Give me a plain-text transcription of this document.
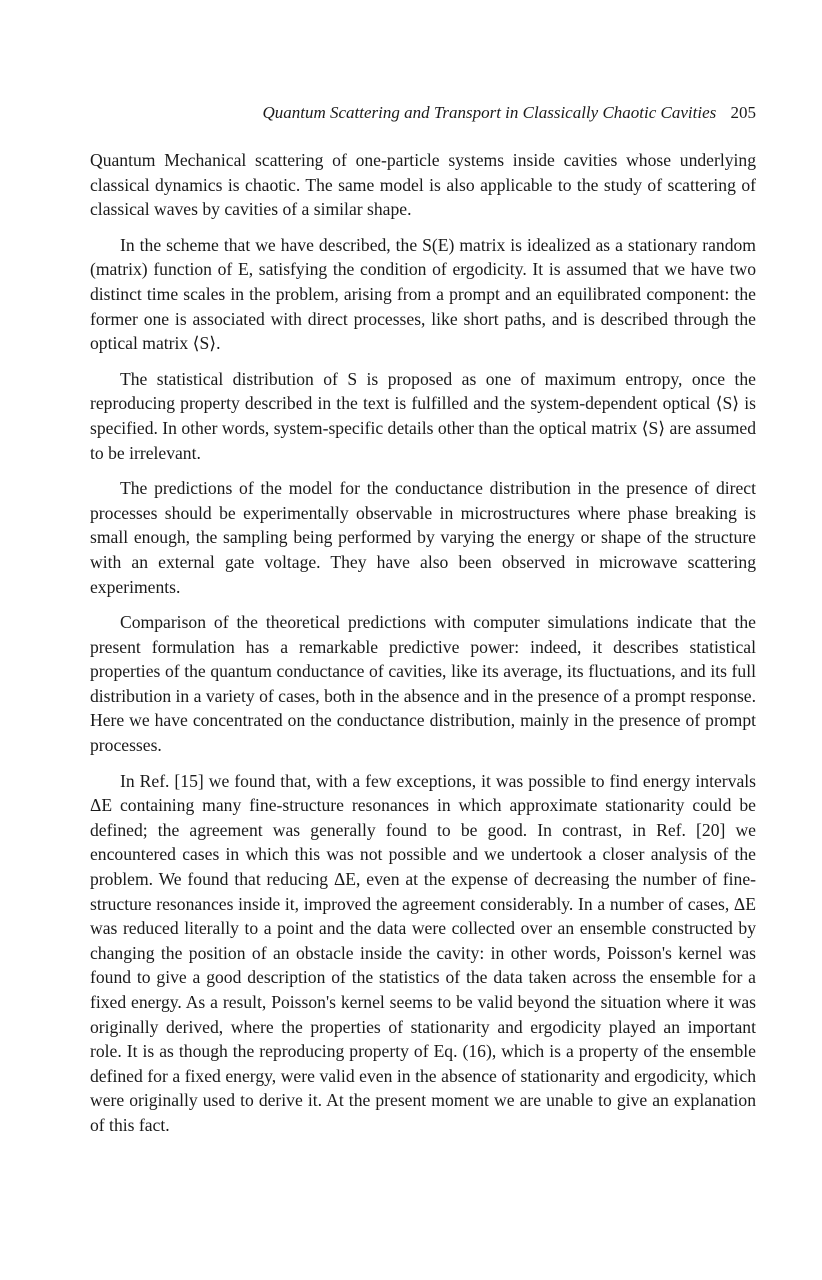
Quantum Scattering and Transport in Classically Chaotic Cavities 205

Quantum Mechanical scattering of one-particle systems inside cavities whose underlying classical dynamics is chaotic. The same model is also applicable to the study of scattering of classical waves by cavities of a similar shape.

In the scheme that we have described, the S(E) matrix is idealized as a stationary random (matrix) function of E, satisfying the condition of ergodicity. It is assumed that we have two distinct time scales in the problem, arising from a prompt and an equilibrated component: the former one is associated with direct processes, like short paths, and is described through the optical matrix ⟨S⟩.

The statistical distribution of S is proposed as one of maximum entropy, once the reproducing property described in the text is fulfilled and the system-dependent optical ⟨S⟩ is specified. In other words, system-specific details other than the optical matrix ⟨S⟩ are assumed to be irrelevant.

The predictions of the model for the conductance distribution in the presence of direct processes should be experimentally observable in microstructures where phase breaking is small enough, the sampling being performed by varying the energy or shape of the structure with an external gate voltage. They have also been observed in microwave scattering experiments.

Comparison of the theoretical predictions with computer simulations indicate that the present formulation has a remarkable predictive power: indeed, it describes statistical properties of the quantum conductance of cavities, like its average, its fluctuations, and its full distribution in a variety of cases, both in the absence and in the presence of a prompt response. Here we have concentrated on the conductance distribution, mainly in the presence of prompt processes.

In Ref. [15] we found that, with a few exceptions, it was possible to find energy intervals ΔE containing many fine-structure resonances in which approximate stationarity could be defined; the agreement was generally found to be good. In contrast, in Ref. [20] we encountered cases in which this was not possible and we undertook a closer analysis of the problem. We found that reducing ΔE, even at the expense of decreasing the number of fine-structure resonances inside it, improved the agreement considerably. In a number of cases, ΔE was reduced literally to a point and the data were collected over an ensemble constructed by changing the position of an obstacle inside the cavity: in other words, Poisson's kernel was found to give a good description of the statistics of the data taken across the ensemble for a fixed energy. As a result, Poisson's kernel seems to be valid beyond the situation where it was originally derived, where the properties of stationarity and ergodicity played an important role. It is as though the reproducing property of Eq. (16), which is a property of the ensemble defined for a fixed energy, were valid even in the absence of stationarity and ergodicity, which were originally used to derive it. At the present moment we are unable to give an explanation of this fact.
